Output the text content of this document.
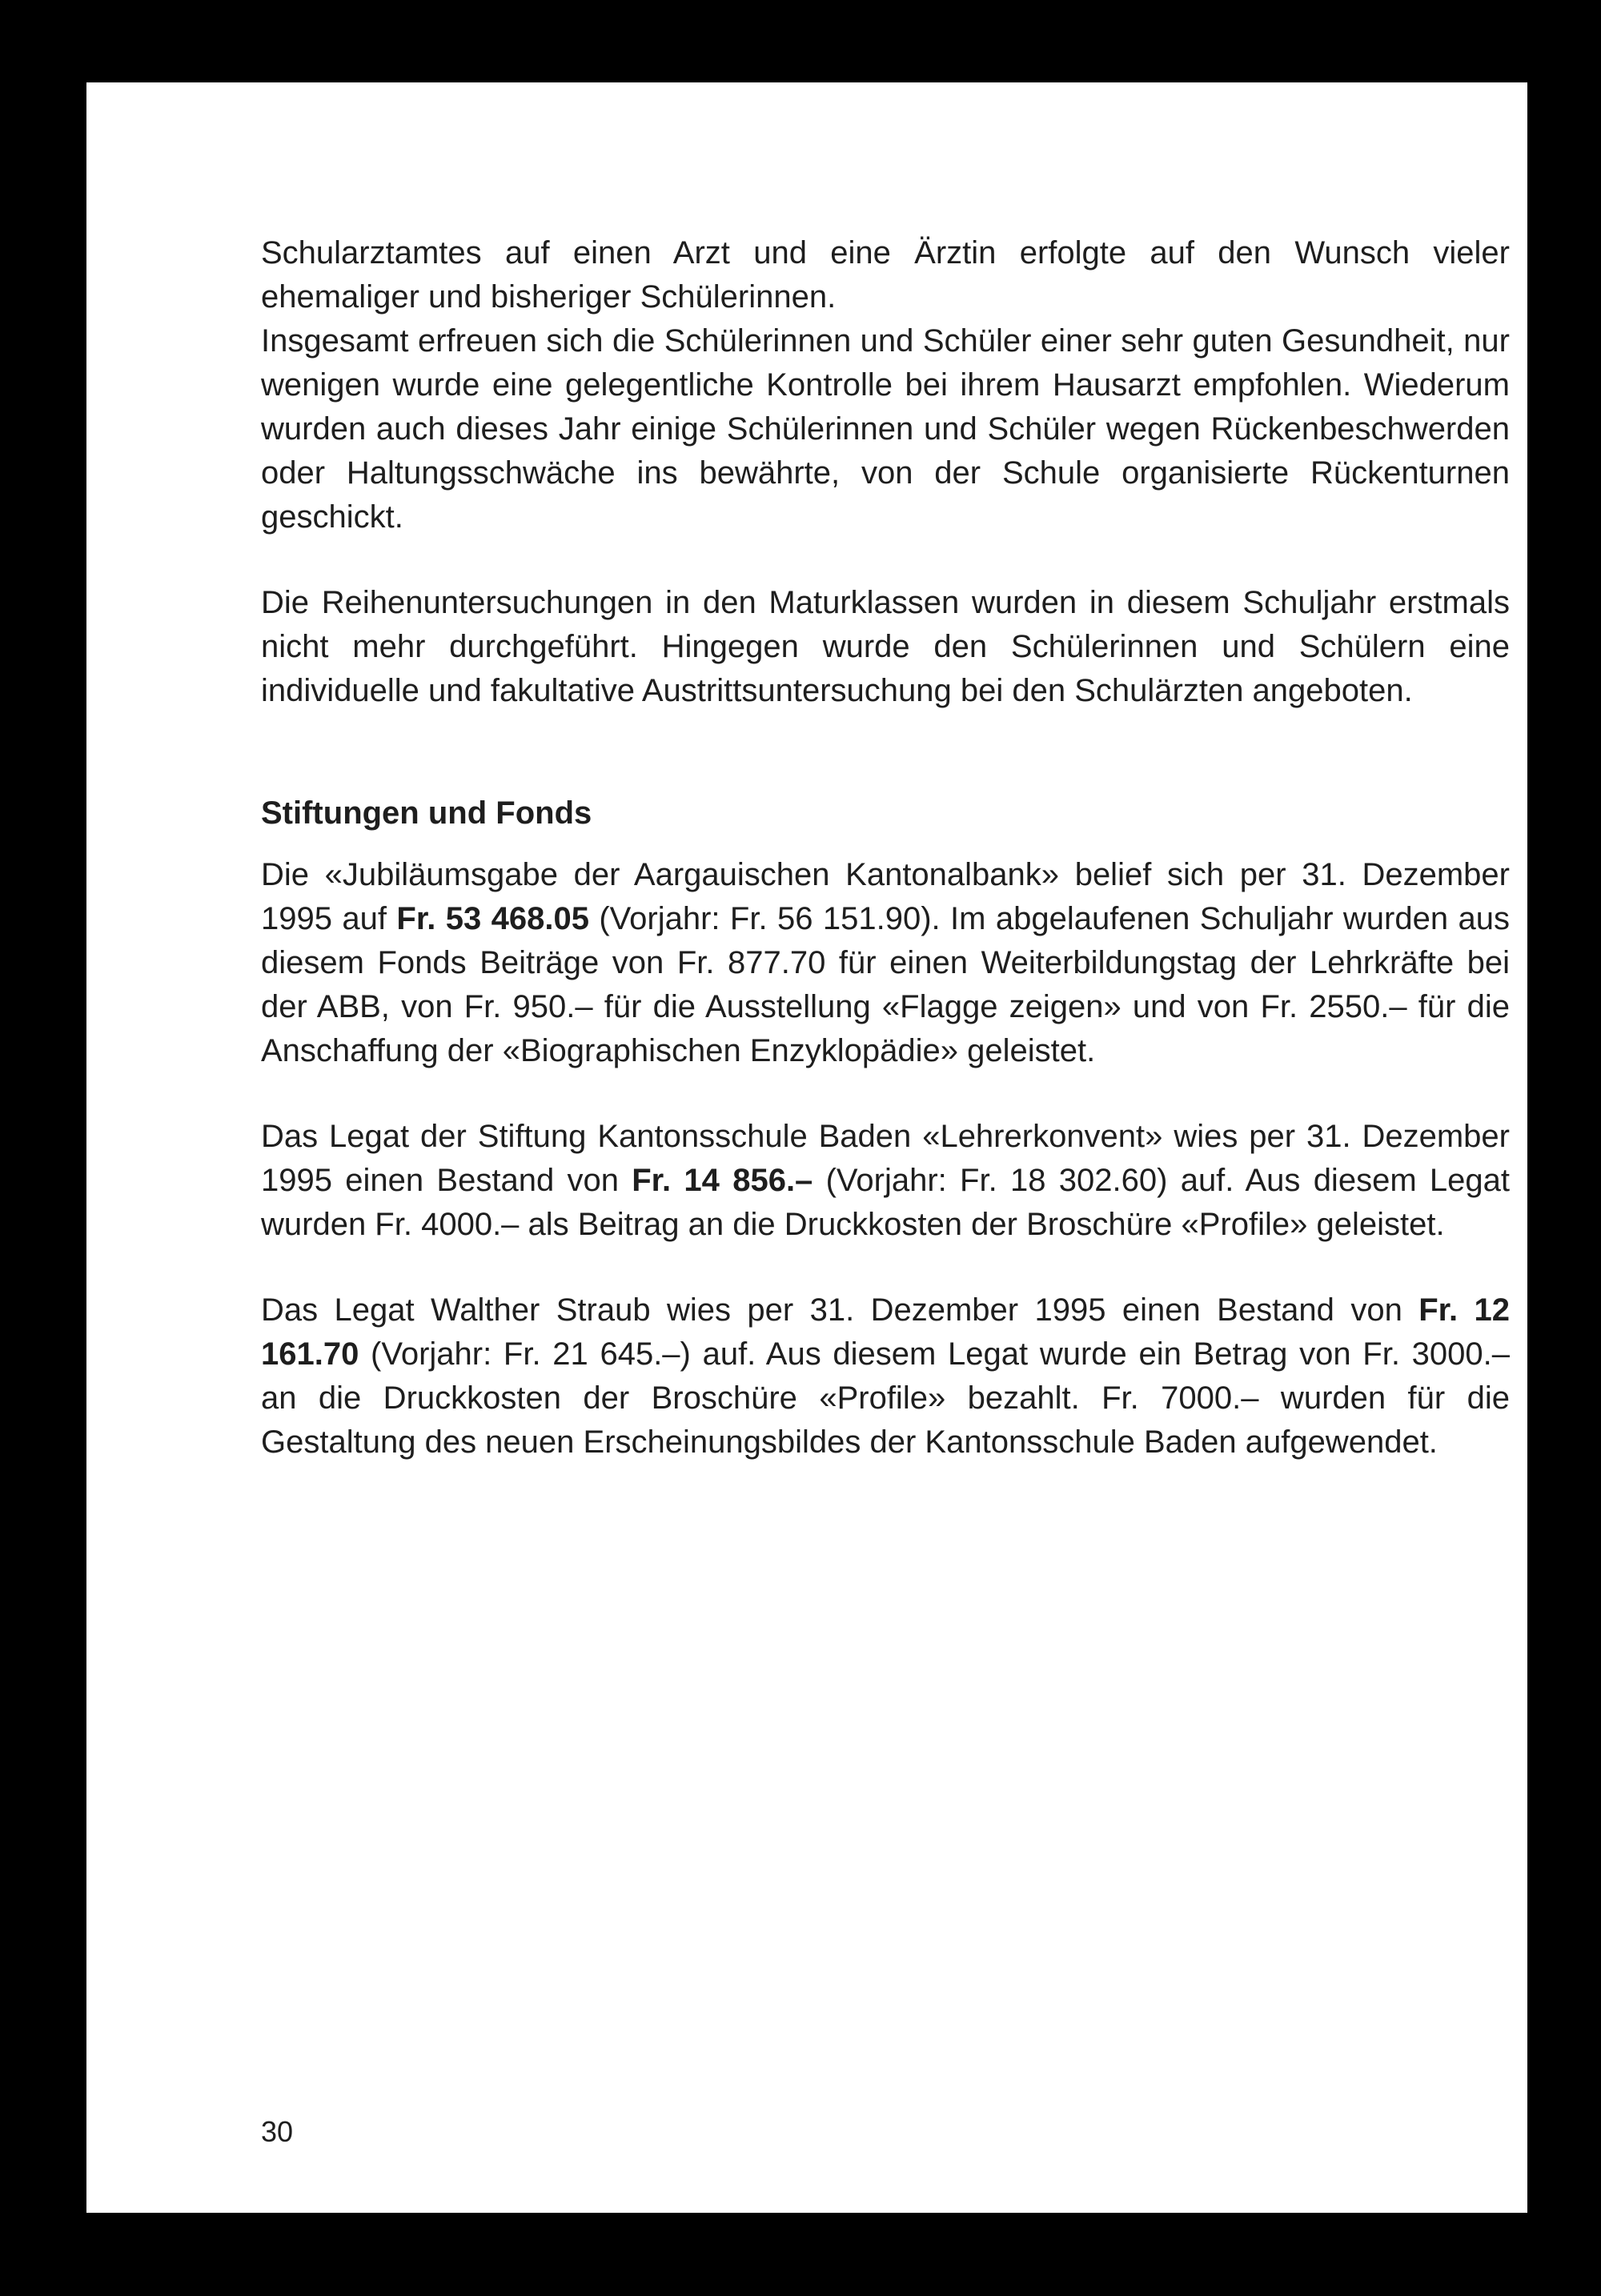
Schularztamtes auf einen Arzt und eine Ärztin erfolgte auf den Wunsch vieler ehemaliger und bisheriger Schülerinnen.

Insgesamt erfreuen sich die Schülerinnen und Schüler einer sehr guten Gesundheit, nur wenigen wurde eine gelegentliche Kontrolle bei ihrem Hausarzt empfohlen. Wiederum wurden auch dieses Jahr einige Schülerinnen und Schüler wegen Rückenbeschwerden oder Haltungsschwäche ins bewährte, von der Schule organisierte Rückenturnen geschickt.

Die Reihenuntersuchungen in den Maturklassen wurden in diesem Schuljahr erstmals nicht mehr durchgeführt. Hingegen wurde den Schülerinnen und Schülern eine individuelle und fakultative Austrittsuntersuchung bei den Schulärzten angeboten.

Stiftungen und Fonds

Die «Jubiläumsgabe der Aargauischen Kantonalbank» belief sich per 31. Dezember 1995 auf Fr. 53 468.05 (Vorjahr: Fr. 56 151.90). Im abgelaufenen Schuljahr wurden aus diesem Fonds Beiträge von Fr. 877.70 für einen Weiterbildungstag der Lehrkräfte bei der ABB, von Fr. 950.– für die Ausstellung «Flagge zeigen» und von Fr. 2550.– für die Anschaffung der «Biographischen Enzyklopädie» geleistet.

Das Legat der Stiftung Kantonsschule Baden «Lehrerkonvent» wies per 31. Dezember 1995 einen Bestand von Fr. 14 856.– (Vorjahr: Fr. 18 302.60) auf. Aus diesem Legat wurden Fr. 4000.– als Beitrag an die Druckkosten der Broschüre «Profile» geleistet.

Das Legat Walther Straub wies per 31. Dezember 1995 einen Bestand von Fr. 12 161.70 (Vorjahr: Fr. 21 645.–) auf. Aus diesem Legat wurde ein Betrag von Fr. 3000.– an die Druckkosten der Broschüre «Profile» bezahlt. Fr. 7000.– wurden für die Gestaltung des neuen Erscheinungsbildes der Kantonsschule Baden aufgewendet.

30
